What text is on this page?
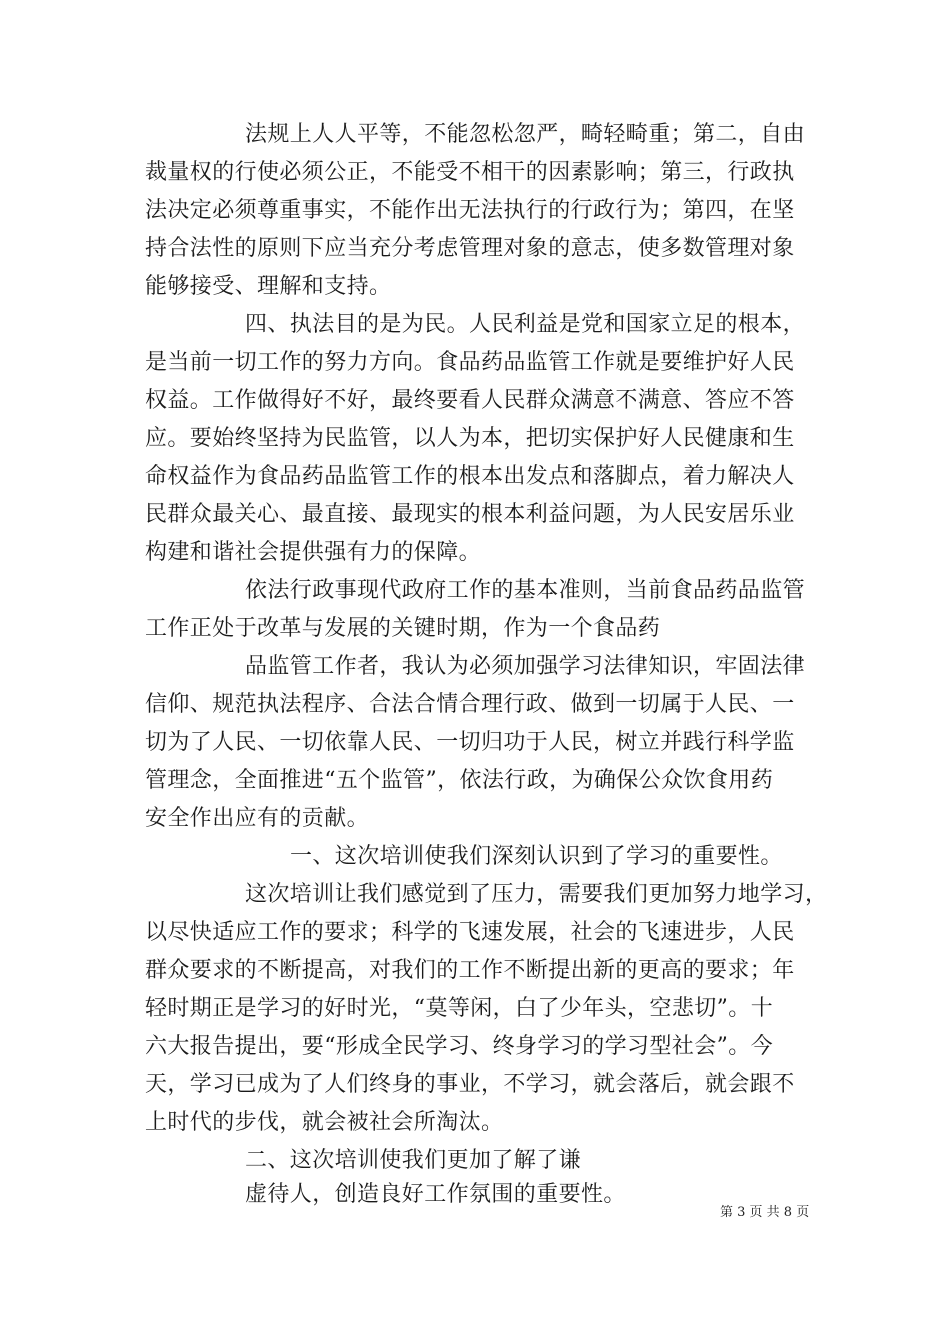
法规上人人平等，不能忽松忽严，畸轻畸重；第二，自由
裁量权的行使必须公正，不能受不相干的因素影响；第三，行政执
法决定必须尊重事实，不能作出无法执行的行政行为；第四，在坚
持合法性的原则下应当充分考虑管理对象的意志，使多数管理对象
能够接受、理解和支持。
四、执法目的是为民。人民利益是党和国家立足的根本，
是当前一切工作的努力方向。食品药品监管工作就是要维护好人民
权益。工作做得好不好，最终要看人民群众满意不满意、答应不答
应。要始终坚持为民监管，以人为本，把切实保护好人民健康和生
命权益作为食品药品监管工作的根本出发点和落脚点，着力解决人
民群众最关心、最直接、最现实的根本利益问题，为人民安居乐业
构建和谐社会提供强有力的保障。
依法行政事现代政府工作的基本准则，当前食品药品监管
工作正处于改革与发展的关键时期，作为一个食品药
品监管工作者，我认为必须加强学习法律知识，牢固法律
信仰、规范执法程序、合法合情合理行政、做到一切属于人民、一
切为了人民、一切依靠人民、一切归功于人民，树立并践行科学监
管理念，全面推进“五个监管”，依法行政，为确保公众饮食用药
安全作出应有的贡献。
一、这次培训使我们深刻认识到了学习的重要性。
这次培训让我们感觉到了压力，需要我们更加努力地学习，
以尽快适应工作的要求；科学的飞速发展，社会的飞速进步，人民
群众要求的不断提高，对我们的工作不断提出新的更高的要求；年
轻时期正是学习的好时光，“莫等闲，白了少年头，空悲切”。十
六大报告提出，要“形成全民学习、终身学习的学习型社会”。今
天，学习已成为了人们终身的事业，不学习，就会落后，就会跟不
上时代的步伐，就会被社会所淘汰。
二、这次培训使我们更加了解了谦
虚待人，创造良好工作氛围的重要性。
第 3 页 共 8 页
